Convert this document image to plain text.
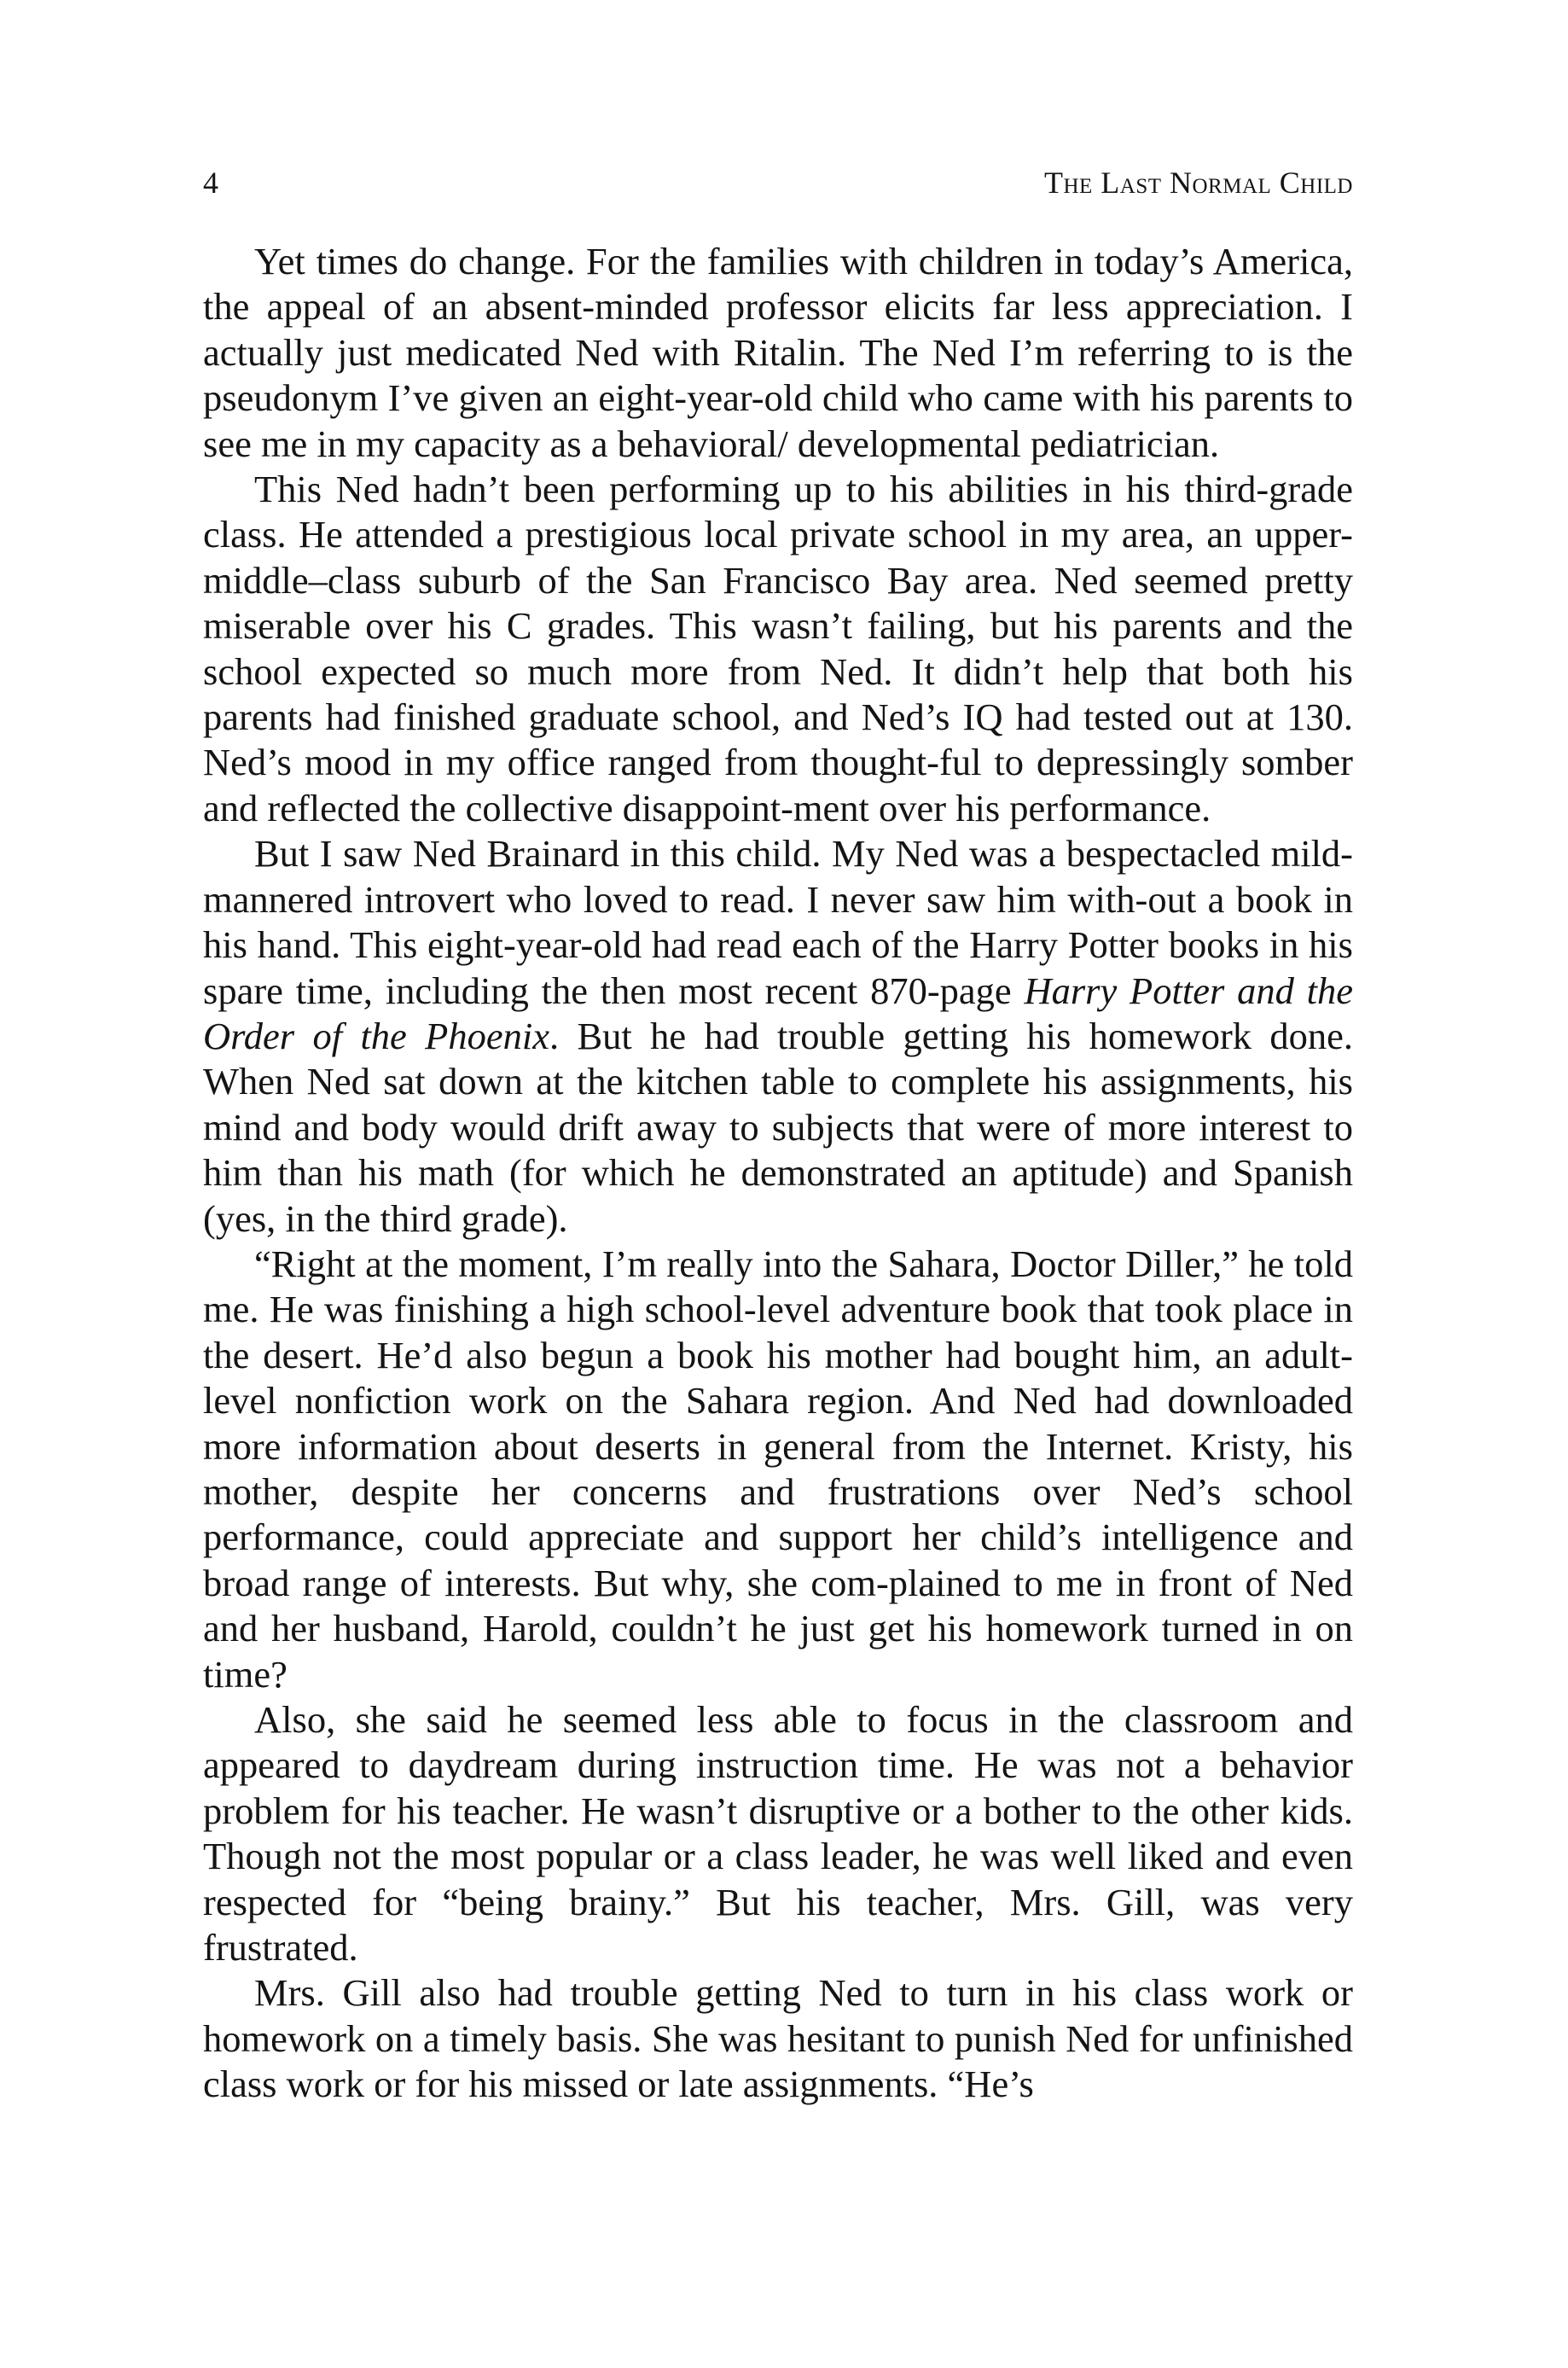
4	The Last Normal Child

Yet times do change. For the families with children in today’s America, the appeal of an absent-minded professor elicits far less appreciation. I actually just medicated Ned with Ritalin. The Ned I’m referring to is the pseudonym I’ve given an eight-year-old child who came with his parents to see me in my capacity as a behavioral/ developmental pediatrician.

This Ned hadn’t been performing up to his abilities in his third-grade class. He attended a prestigious local private school in my area, an upper-middle–class suburb of the San Francisco Bay area. Ned seemed pretty miserable over his C grades. This wasn’t failing, but his parents and the school expected so much more from Ned. It didn’t help that both his parents had finished graduate school, and Ned’s IQ had tested out at 130. Ned’s mood in my office ranged from thought-ful to depressingly somber and reflected the collective disappoint-ment over his performance.

But I saw Ned Brainard in this child. My Ned was a bespectacled mild-mannered introvert who loved to read. I never saw him with-out a book in his hand. This eight-year-old had read each of the Harry Potter books in his spare time, including the then most recent 870-page Harry Potter and the Order of the Phoenix. But he had trouble getting his homework done. When Ned sat down at the kitchen table to complete his assignments, his mind and body would drift away to subjects that were of more interest to him than his math (for which he demonstrated an aptitude) and Spanish (yes, in the third grade).

“Right at the moment, I’m really into the Sahara, Doctor Diller,” he told me. He was finishing a high school-level adventure book that took place in the desert. He’d also begun a book his mother had bought him, an adult-level nonfiction work on the Sahara region. And Ned had downloaded more information about deserts in general from the Internet. Kristy, his mother, despite her concerns and frustrations over Ned’s school performance, could appreciate and support her child’s intelligence and broad range of interests. But why, she com-plained to me in front of Ned and her husband, Harold, couldn’t he just get his homework turned in on time?

Also, she said he seemed less able to focus in the classroom and appeared to daydream during instruction time. He was not a behavior problem for his teacher. He wasn’t disruptive or a bother to the other kids. Though not the most popular or a class leader, he was well liked and even respected for “being brainy.” But his teacher, Mrs. Gill, was very frustrated.

Mrs. Gill also had trouble getting Ned to turn in his class work or homework on a timely basis. She was hesitant to punish Ned for unfinished class work or for his missed or late assignments. “He’s
